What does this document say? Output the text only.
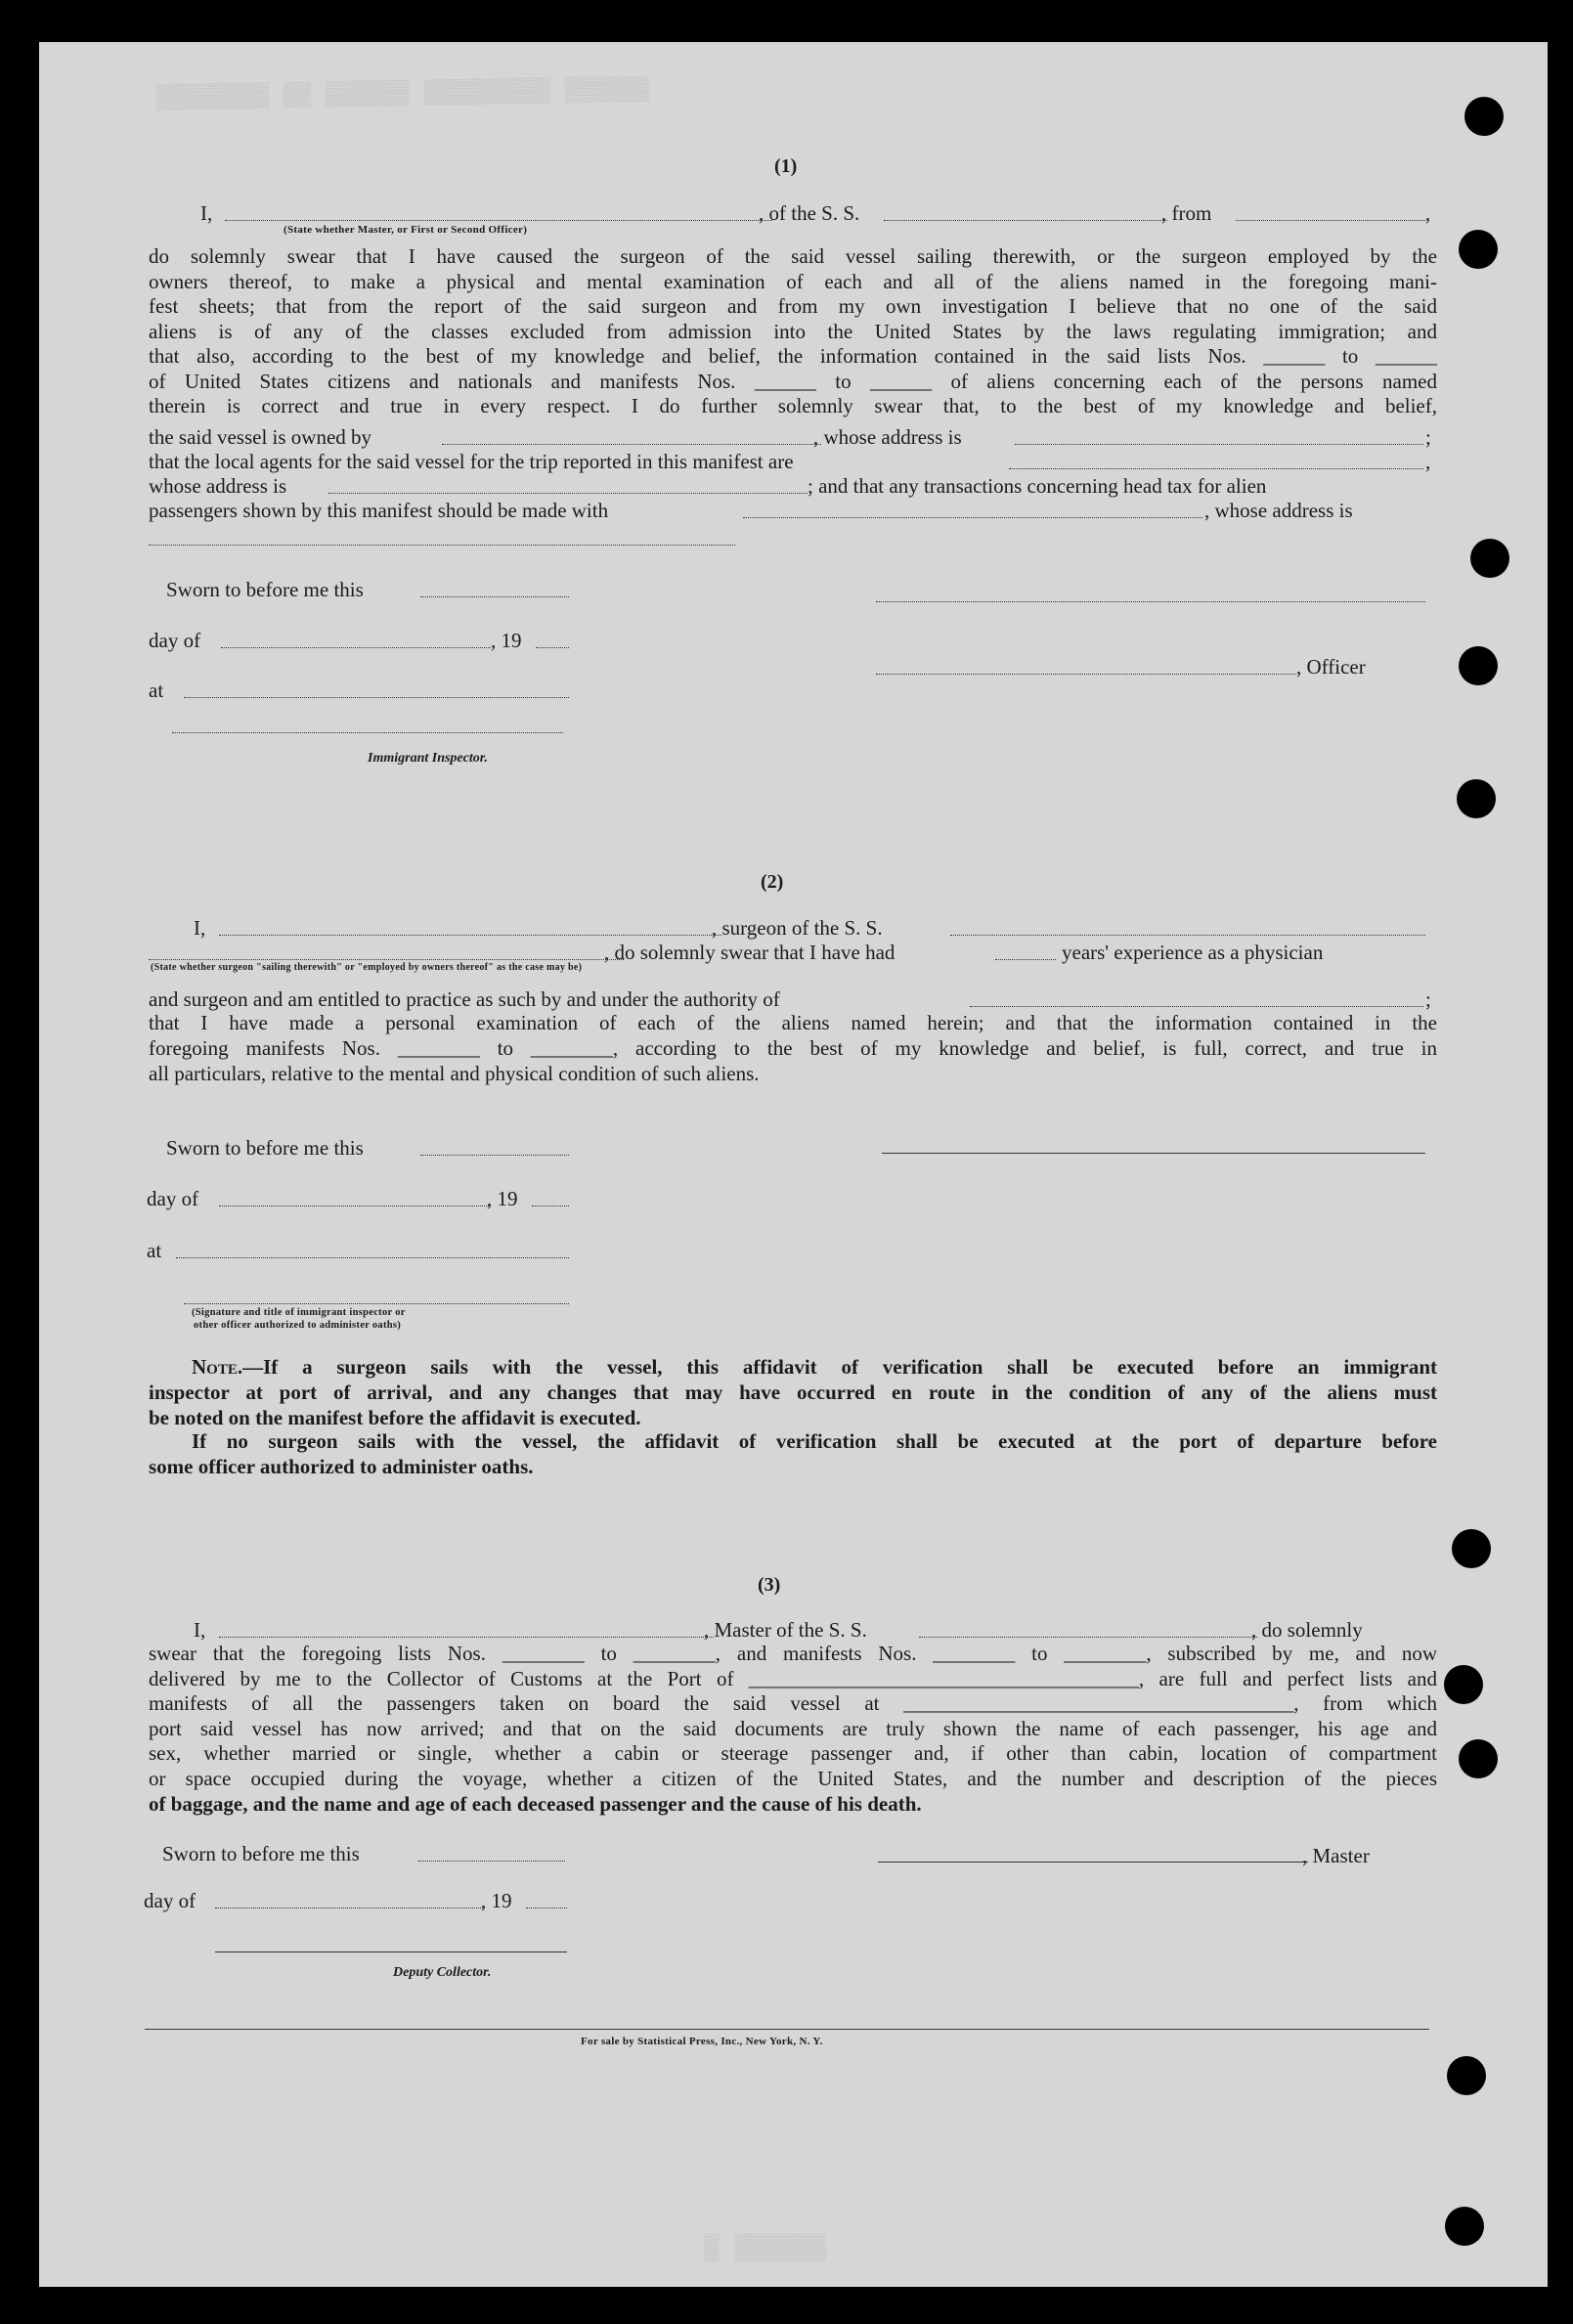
▒▒▒▒▒▒▒▒ ▒▒ ▒▒▒▒▒▒ ▒▒▒▒▒▒▒▒▒ ▒▒▒▒▒▒
(1)
I,	, of the S. S.	, from	,
(State whether Master, or First or Second Officer)
do solemnly swear that I have caused the surgeon of the said vessel sailing therewith, or the surgeon employed by the
owners thereof, to make a physical and mental examination of each and all of the aliens named in the foregoing mani-
fest sheets; that from the report of the said surgeon and from my own investigation I believe that no one of the said
aliens is of any of the classes excluded from admission into the United States by the laws regulating immigration; and
that also, according to the best of my knowledge and belief, the information contained in the said lists Nos. ______ to ______
of United States citizens and nationals and manifests Nos. ______ to ______ of aliens concerning each of the persons named
therein is correct and true in every respect. I do further solemnly swear that, to the best of my knowledge and belief,
the said vessel is owned by	, whose address is	;
that the local agents for the said vessel for the trip reported in this manifest are	,
whose address is	; and that any transactions concerning head tax for alien
passengers shown by this manifest should be made with	, whose address is
Sworn to before me this
day of	, 19
, Officer
at
Immigrant Inspector.
(2)
I,	, surgeon of the S. S.
, do solemnly swear that I have had	years' experience as a physician
(State whether surgeon "sailing therewith" or "employed by owners thereof" as the case may be)
and surgeon and am entitled to practice as such by and under the authority of	;
that I have made a personal examination of each of the aliens named herein; and that the information contained in the
foregoing manifests Nos. ________ to ________, according to the best of my knowledge and belief, is full, correct, and true in
all particulars, relative to the mental and physical condition of such aliens.
Sworn to before me this
day of	, 19
at
(Signature and title of immigrant inspector or
other officer authorized to administer oaths)
Note.—If a surgeon sails with the vessel, this affidavit of verification shall be executed before an immigrant
inspector at port of arrival, and any changes that may have occurred en route in the condition of any of the aliens must
be noted on the manifest before the affidavit is executed.
If no surgeon sails with the vessel, the affidavit of verification shall be executed at the port of departure before
some officer authorized to administer oaths.
(3)
I,	, Master of the S. S.	, do solemnly
swear that the foregoing lists Nos. ________ to ________, and manifests Nos. ________ to ________, subscribed by me, and now
delivered by me to the Collector of Customs at the Port of ______________________________________, are full and perfect lists and
manifests of all the passengers taken on board the said vessel at ______________________________________, from which
port said vessel has now arrived; and that on the said documents are truly shown the name of each passenger, his age and
sex, whether married or single, whether a cabin or steerage passenger and, if other than cabin, location of compartment
or space occupied during the voyage, whether a citizen of the United States, and the number and description of the pieces
of baggage, and the name and age of each deceased passenger and the cause of his death.
Sworn to before me this	, Master
day of	, 19
Deputy Collector.
For sale by Statistical Press, Inc., New York, N. Y.
▒▒▒▒▒▒ ▒
